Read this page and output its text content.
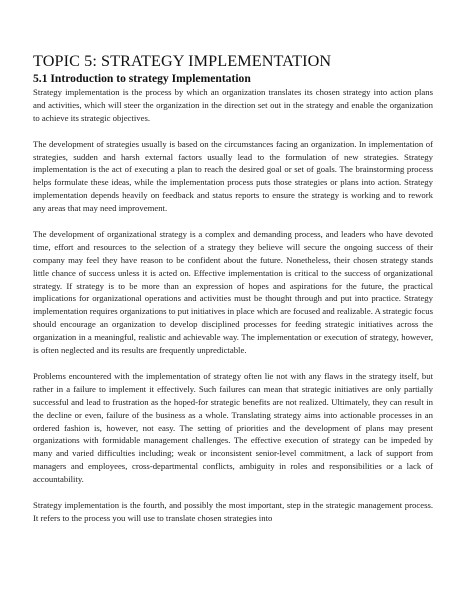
TOPIC 5: STRATEGY IMPLEMENTATION
5.1 Introduction to strategy Implementation

Strategy implementation is the process by which an organization translates its chosen strategy into action plans and activities, which will steer the organization in the direction set out in the strategy and enable the organization to achieve its strategic objectives.

The development of strategies usually is based on the circumstances facing an organization. In implementation of strategies, sudden and harsh external factors usually lead to the formulation of new strategies. Strategy implementation is the act of executing a plan to reach the desired goal or set of goals. The brainstorming process helps formulate these ideas, while the implementation process puts those strategies or plans into action. Strategy implementation depends heavily on feedback and status reports to ensure the strategy is working and to rework any areas that may need improvement.

The development of organizational strategy is a complex and demanding process, and leaders who have devoted time, effort and resources to the selection of a strategy they believe will secure the ongoing success of their company may feel they have reason to be confident about the future. Nonetheless, their chosen strategy stands little chance of success unless it is acted on. Effective implementation is critical to the success of organizational strategy. If strategy is to be more than an expression of hopes and aspirations for the future, the practical implications for organizational operations and activities must be thought through and put into practice. Strategy implementation requires organizations to put initiatives in place which are focused and realizable. A strategic focus should encourage an organization to develop disciplined processes for feeding strategic initiatives across the organization in a meaningful, realistic and achievable way. The implementation or execution of strategy, however, is often neglected and its results are frequently unpredictable.

Problems encountered with the implementation of strategy often lie not with any flaws in the strategy itself, but rather in a failure to implement it effectively. Such failures can mean that strategic initiatives are only partially successful and lead to frustration as the hoped-for strategic benefits are not realized. Ultimately, they can result in the decline or even, failure of the business as a whole. Translating strategy aims into actionable processes in an ordered fashion is, however, not easy. The setting of priorities and the development of plans may present organizations with formidable management challenges. The effective execution of strategy can be impeded by many and varied difficulties including; weak or inconsistent senior-level commitment, a lack of support from managers and employees, cross-departmental conflicts, ambiguity in roles and responsibilities or a lack of accountability.

Strategy implementation is the fourth, and possibly the most important, step in the strategic management process. It refers to the process you will use to translate chosen strategies into
